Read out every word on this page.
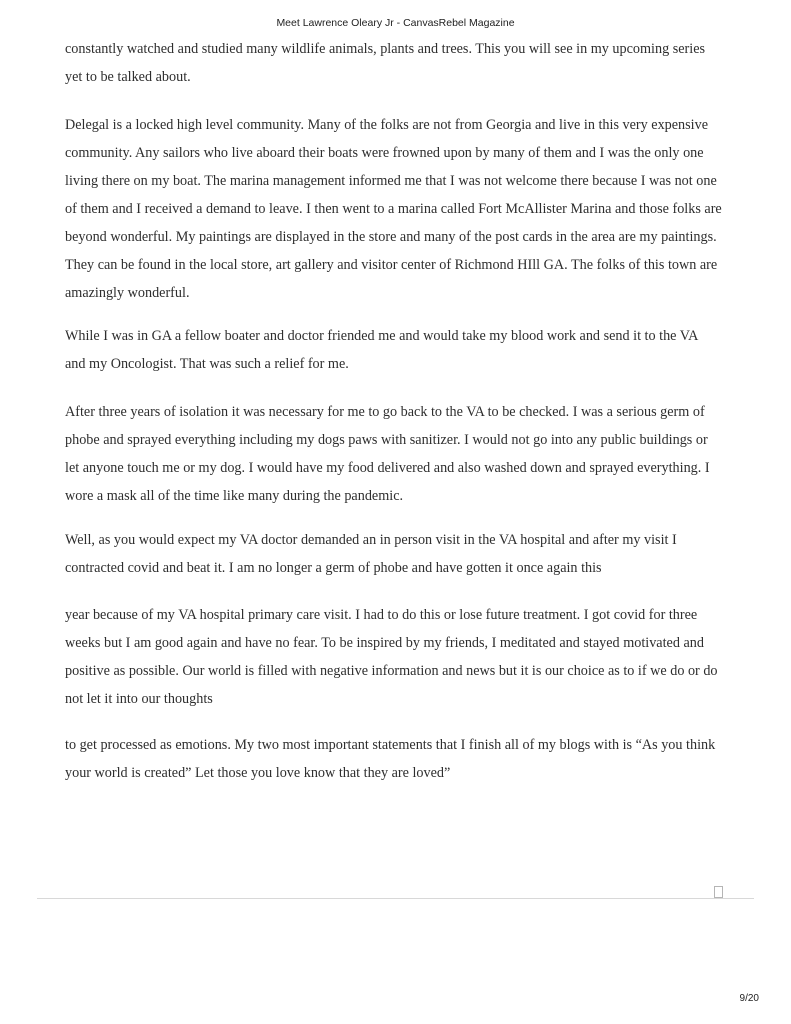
Meet Lawrence Oleary Jr - CanvasRebel Magazine

constantly watched and studied many wildlife animals, plants and trees. This you will see in my upcoming series
yet to be talked about.

Delegal is a locked high level community. Many of the folks are not from Georgia and live in this very expensive
community. Any sailors who live aboard their boats were frowned upon by many of them and I was the only one
living there on my boat. The marina management informed me that I was not welcome there because I was not one
of them and I received a demand to leave. I then went to a marina called Fort McAllister Marina and those folks are
beyond wonderful. My paintings are displayed in the store and many of the post cards in the area are my paintings.
They can be found in the local store, art gallery and visitor center of Richmond HIll GA. The folks of this town are
amazingly wonderful.

While I was in GA a fellow boater and doctor friended me and would take my blood work and send it to the VA
and my Oncologist. That was such a relief for me.

After three years of isolation it was necessary for me to go back to the VA to be checked. I was a serious germ of
phobe and sprayed everything including my dogs paws with sanitizer. I would not go into any public buildings or
let anyone touch me or my dog. I would have my food delivered and also washed down and sprayed everything. I
wore a mask all of the time like many during the pandemic.

Well, as you would expect my VA doctor demanded an in person visit in the VA hospital and after my visit I
contracted covid and beat it. I am no longer a germ of phobe and have gotten it once again this

year because of my VA hospital primary care visit. I had to do this or lose future treatment. I got covid for three
weeks but I am good again and have no fear. To be inspired by my friends, I meditated and stayed motivated and
positive as possible. Our world is filled with negative information and news but it is our choice as to if we do or do
not let it into our thoughts

to get processed as emotions. My two most important statements that I finish all of my blogs with is “As you think
your world is created” Let those you love know that they are loved”

9/20
